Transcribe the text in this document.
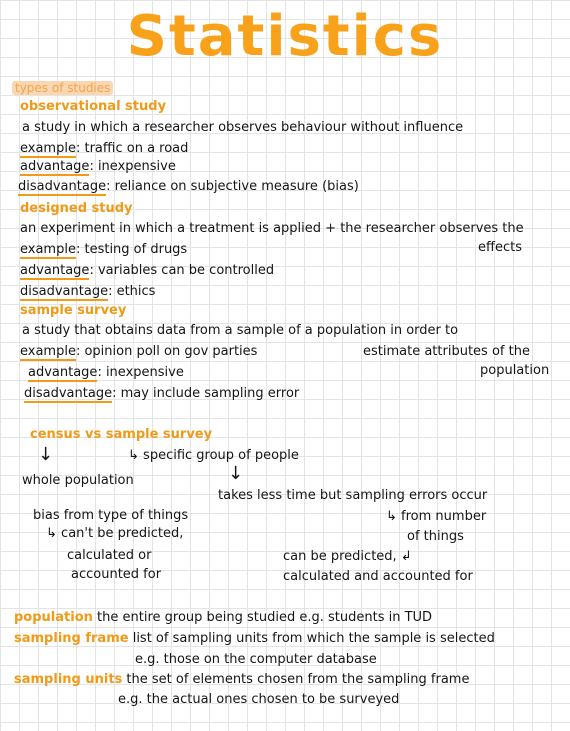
Statistics
types of studies
observational study
a study in which a researcher observes behaviour without influence
example: traffic on a road
advantage: inexpensive
disadvantage: reliance on subjective measure (bias)
designed study
an experiment in which a treatment is applied + the researcher observes the
effects
example: testing of drugs
advantage: variables can be controlled
disadvantage: ethics
sample survey
a study that obtains data from a sample of a population in order to
estimate attributes of the
population
example: opinion poll on gov parties
advantage: inexpensive
disadvantage: may include sampling error
census vs sample survey
↓	↳ specific group of people
↓
whole population
takes less time but sampling errors occur
bias from type of things
↳ can't be predicted,
calculated or
accounted for
↳ from number
of things
can be predicted, ↲
calculated and accounted for
population the entire group being studied e.g. students in TUD
sampling frame list of sampling units from which the sample is selected
e.g. those on the computer database
sampling units the set of elements chosen from the sampling frame
e.g. the actual ones chosen to be surveyed
